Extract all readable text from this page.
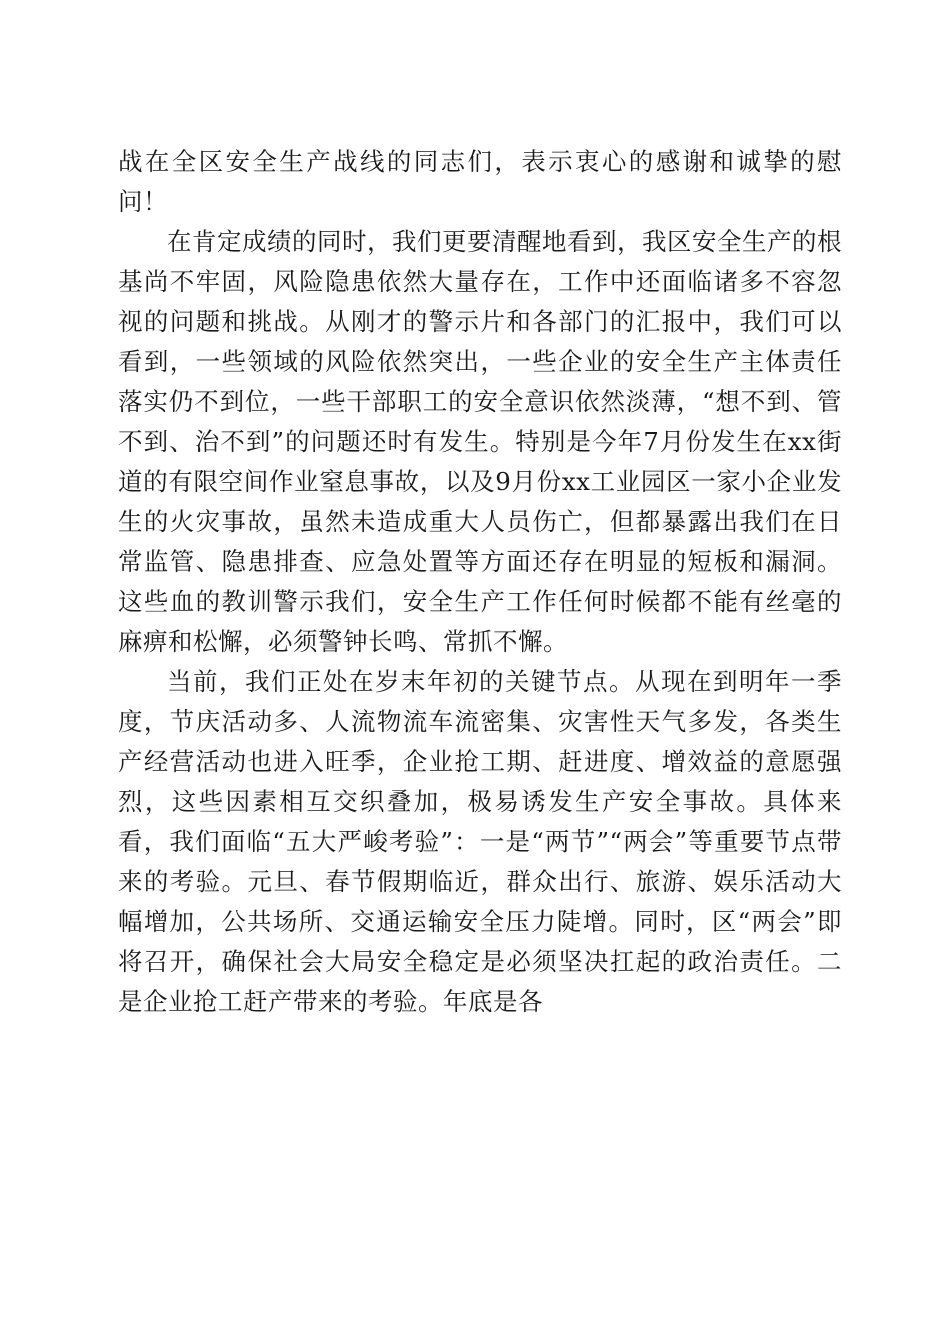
战在全区安全生产战线的同志们，表示衷心的感谢和诚挚的慰问！

在肯定成绩的同时，我们更要清醒地看到，我区安全生产的根基尚不牢固，风险隐患依然大量存在，工作中还面临诸多不容忽视的问题和挑战。从刚才的警示片和各部门的汇报中，我们可以看到，一些领域的风险依然突出，一些企业的安全生产主体责任落实仍不到位，一些干部职工的安全意识依然淡薄，“想不到、管不到、治不到”的问题还时有发生。特别是今年7月份发生在xx街道的有限空间作业窒息事故，以及9月份xx工业园区一家小企业发生的火灾事故，虽然未造成重大人员伤亡，但都暴露出我们在日常监管、隐患排查、应急处置等方面还存在明显的短板和漏洞。这些血的教训警示我们，安全生产工作任何时候都不能有丝毫的麻痹和松懈，必须警钟长鸣、常抓不懈。

当前，我们正处在岁末年初的关键节点。从现在到明年一季度，节庆活动多、人流物流车流密集、灾害性天气多发，各类生产经营活动也进入旺季，企业抢工期、赶进度、增效益的意愿强烈，这些因素相互交织叠加，极易诱发生产安全事故。具体来看，我们面临“五大严峻考验”：一是“两节”“两会”等重要节点带来的考验。元旦、春节假期临近，群众出行、旅游、娱乐活动大幅增加，公共场所、交通运输安全压力陡增。同时，区“两会”即将召开，确保社会大局安全稳定是必须坚决扛起的政治责任。二是企业抢工赶产带来的考验。年底是各
